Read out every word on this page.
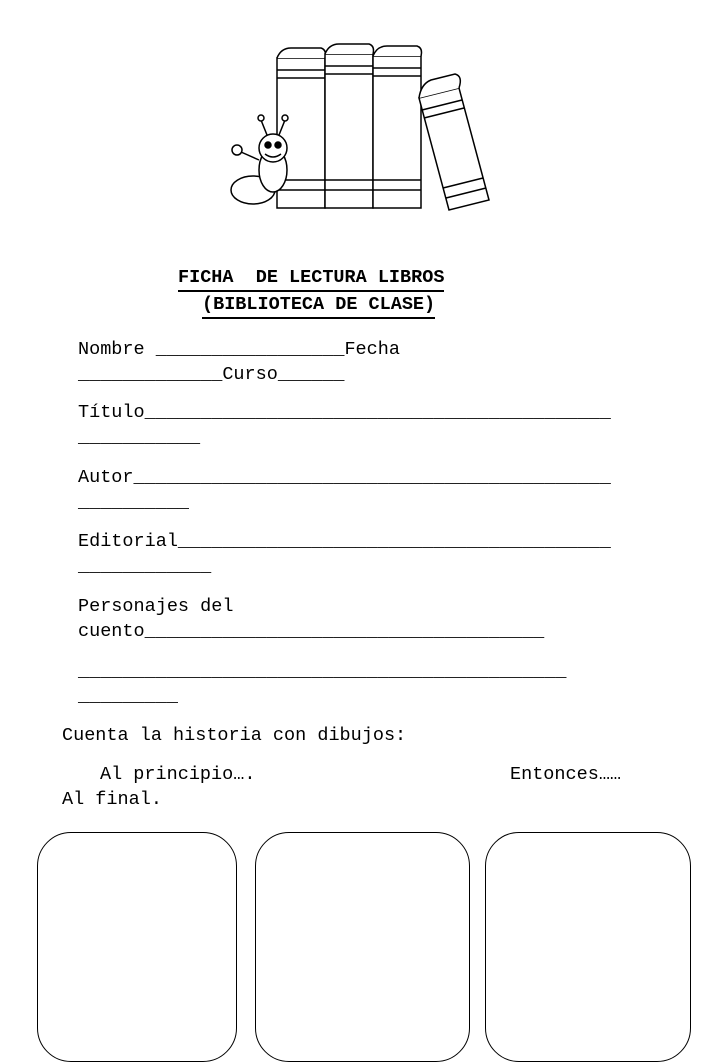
FICHA  DE LECTURA LIBROS
(BIBLIOTECA DE CLASE)
Nombre _________________Fecha
_____________Curso______
Título__________________________________________
___________
Autor___________________________________________
__________
Editorial_______________________________________
____________
Personajes del
cuento____________________________________
____________________________________________
_________
Cuenta la historia con dibujos:
Al principio….	Entonces……
Al final.
